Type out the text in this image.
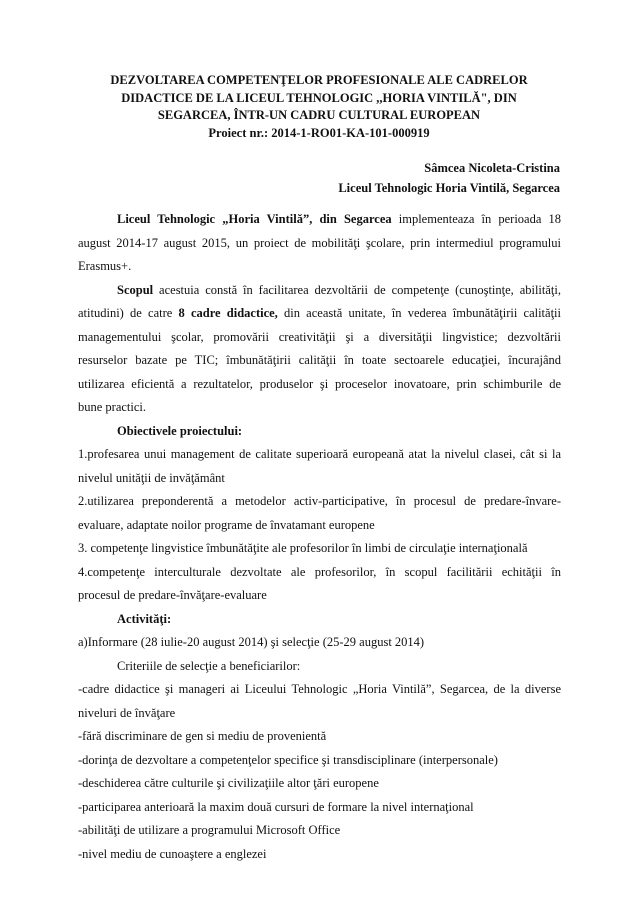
DEZVOLTAREA COMPETENŢELOR PROFESIONALE ALE CADRELOR
DIDACTICE DE LA LICEUL TEHNOLOGIC ,,HORIA VINTILĂ", DIN
SEGARCEA, ÎNTR-UN CADRU CULTURAL EUROPEAN
Proiect nr.: 2014-1-RO01-KA-101-000919
Sâmcea Nicoleta-Cristina
Liceul Tehnologic Horia Vintilă, Segarcea
Liceul Tehnologic „Horia Vintilă”, din Segarcea implementeaza în perioada 18
august 2014-17 august 2015, un proiect de mobilităţi şcolare, prin intermediul programului
Erasmus+.
Scopul acestuia constă în facilitarea dezvoltării de competenţe (cunoştinţe, abilităţi,
atitudini) de catre 8 cadre didactice, din această unitate, în vederea îmbunătăţirii calităţii
managementului şcolar, promovării creativităţii şi a diversităţii lingvistice; dezvoltării
resurselor bazate pe TIC; îmbunătăţirii calităţii în toate sectoarele educaţiei, încurajând
utilizarea eficientă a rezultatelor, produselor şi proceselor inovatoare, prin schimburile de
bune practici.
Obiectivele proiectului:
1.profesarea unui management de calitate superioară europeană atat la nivelul clasei, cât si la
nivelul unităţii de invăţământ
2.utilizarea preponderentă a metodelor activ-participative, în procesul de predare-învare-
evaluare, adaptate noilor programe de învatamant europene
3. competenţe lingvistice îmbunătăţite ale profesorilor în limbi de circulaţie internaţională
4.competenţe interculturale dezvoltate ale profesorilor, în scopul facilitării echităţii în
procesul de predare-învăţare-evaluare
Activităţi:
a)Informare (28 iulie-20 august 2014) şi selecţie (25-29 august 2014)
Criteriile de selecţie a beneficiarilor:
-cadre didactice şi manageri ai Liceului Tehnologic „Horia Vintilă”, Segarcea, de la diverse
niveluri de învăţare
-fără discriminare de gen si mediu de provenientă
-dorinţa de dezvoltare a competenţelor specifice şi transdisciplinare (interpersonale)
-deschiderea către culturile şi civilizaţiile altor ţări europene
-participarea anterioară la maxim două cursuri de formare la nivel internaţional
-abilităţi de utilizare a programului Microsoft Office
-nivel mediu de cunoaştere a englezei
